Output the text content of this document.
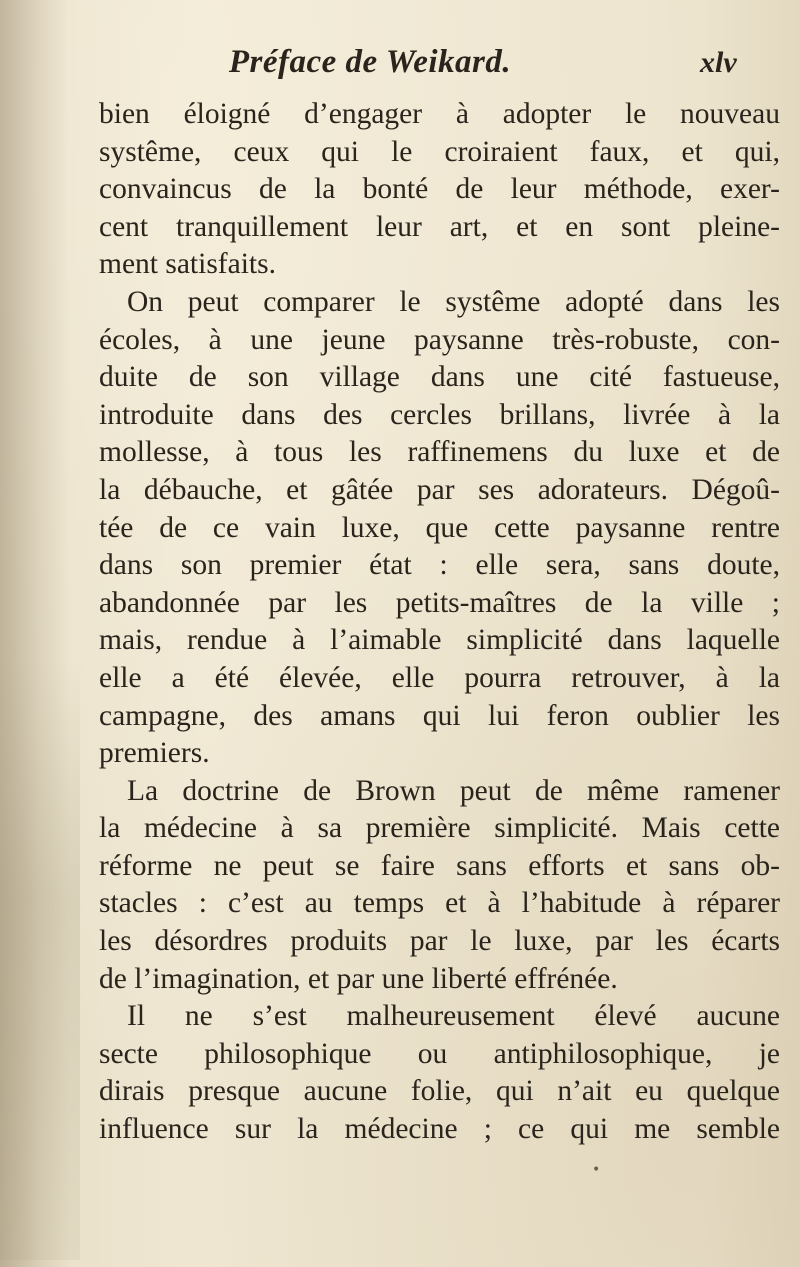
Préface de Weikard.	xlv
bien éloigné d’engager à adopter le nouveau
systême, ceux qui le croiraient faux, et qui,
convaincus de la bonté de leur méthode, exer-
cent tranquillement leur art, et en sont pleine-
ment satisfaits.
On peut comparer le systême adopté dans les
écoles, à une jeune paysanne très-robuste, con-
duite de son village dans une cité fastueuse,
introduite dans des cercles brillans, livrée à la
mollesse, à tous les raffinemens du luxe et de
la débauche, et gâtée par ses adorateurs. Dégoû-
tée de ce vain luxe, que cette paysanne rentre
dans son premier état : elle sera, sans doute,
abandonnée par les petits-maîtres de la ville ;
mais, rendue à l’aimable simplicité dans laquelle
elle a été élevée, elle pourra retrouver, à la
campagne, des amans qui lui feron oublier les
premiers.
La doctrine de Brown peut de même ramener
la médecine à sa première simplicité. Mais cette
réforme ne peut se faire sans efforts et sans ob-
stacles : c’est au temps et à l’habitude à réparer
les désordres produits par le luxe, par les écarts
de l’imagination, et par une liberté effrénée.
Il ne s’est malheureusement élevé aucune
secte philosophique ou antiphilosophique, je
dirais presque aucune folie, qui n’ait eu quelque
influence sur la médecine ; ce qui me semble
•
